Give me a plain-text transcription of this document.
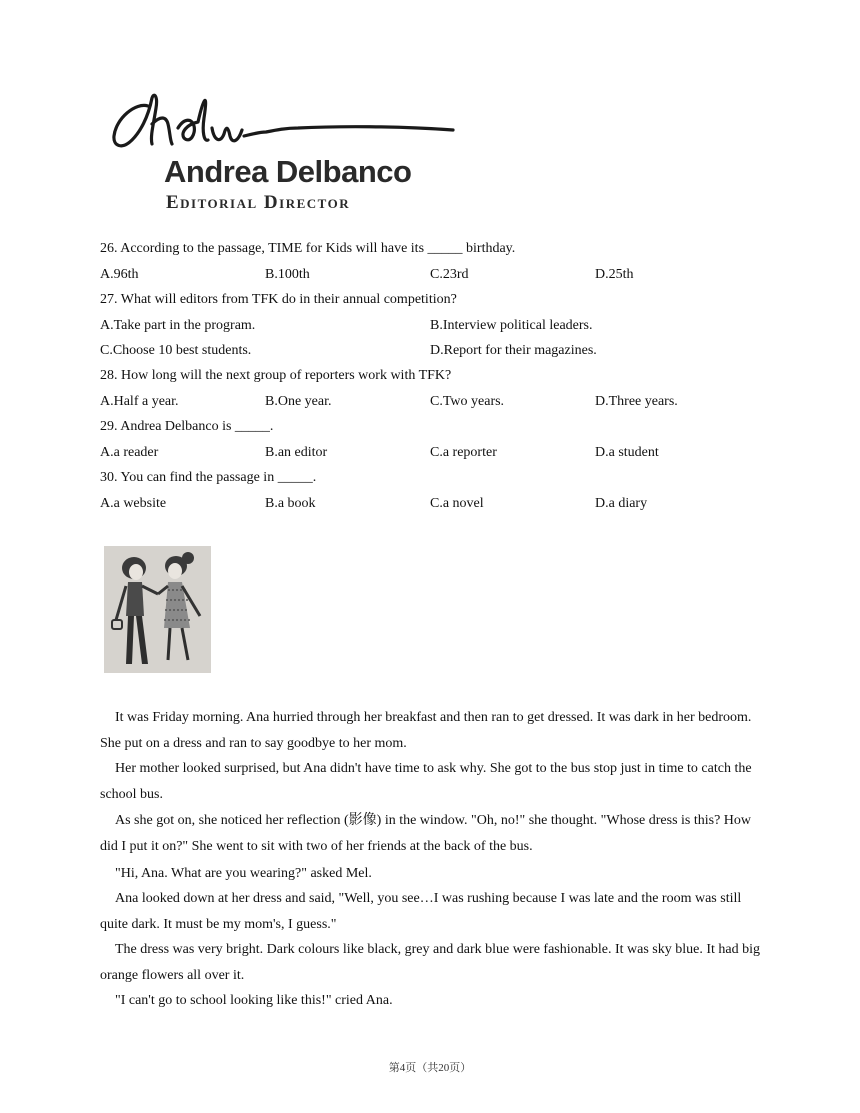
Andrea Delbanco
Editorial Director
26. According to the passage, TIME for Kids will have its _____ birthday.
A.96th	B.100th	C.23rd	D.25th
27. What will editors from TFK do in their annual competition?
A.Take part in the program.	B.Interview political leaders.
C.Choose 10 best students.	D.Report for their magazines.
28. How long will the next group of reporters work with TFK?
A.Half a year.	B.One year.	C.Two years.	D.Three years.
29. Andrea Delbanco is _____.
A.a reader	B.an editor	C.a reporter	D.a student
30. You can find the passage in _____.
A.a website	B.a book	C.a novel	D.a diary
It was Friday morning. Ana hurried through her breakfast and then ran to get dressed. It was dark in her bedroom. She put on a dress and ran to say goodbye to her mom.
Her mother looked surprised, but Ana didn't have time to ask why. She got to the bus stop just in time to catch the school bus.
As she got on, she noticed her reflection (影像) in the window. "Oh, no!" she thought. "Whose dress is this? How did I put it on?" She went to sit with two of her friends at the back of the bus.
"Hi, Ana. What are you wearing?" asked Mel.
Ana looked down at her dress and said, "Well, you see…I was rushing because I was late and the room was still quite dark. It must be my mom's, I guess."
The dress was very bright. Dark colours like black, grey and dark blue were fashionable. It was sky blue. It had big orange flowers all over it.
"I can't go to school looking like this!" cried Ana.
第4页（共20页）
